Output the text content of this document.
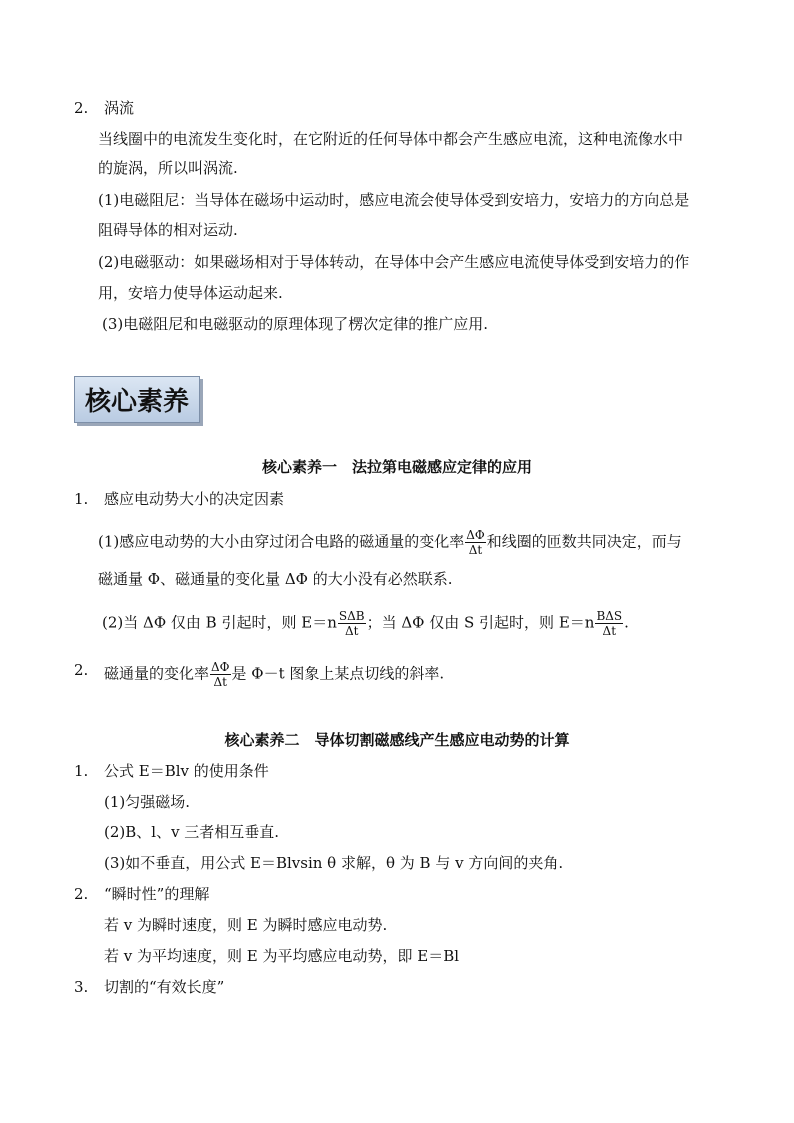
2. 涡流
当线圈中的电流发生变化时，在它附近的任何导体中都会产生感应电流，这种电流像水中
的旋涡，所以叫涡流.
(1)电磁阻尼：当导体在磁场中运动时，感应电流会使导体受到安培力，安培力的方向总是
阻碍导体的相对运动.
(2)电磁驱动：如果磁场相对于导体转动，在导体中会产生感应电流使导体受到安培力的作
用，安培力使导体运动起来.
(3)电磁阻尼和电磁驱动的原理体现了楞次定律的推广应用.
核心素养
核心素养一　法拉第电磁感应定律的应用
1. 感应电动势大小的决定因素
(1)感应电动势的大小由穿过闭合电路的磁通量的变化率 $\frac{\Delta\Phi}{\Delta t}$ 和线圈的匝数共同决定，而与
磁通量 Φ、磁通量的变化量 ΔΦ 的大小没有必然联系.
(2)当 ΔΦ 仅由 B 引起时，则 $E=n \frac{\text{SΔB}}{\Delta t}$ ；当 ΔΦ 仅由 S 引起时，则 $E=n \frac{\text{BΔS}}{\Delta t}$ .
2. 磁通量的变化率 $\frac{\Delta\Phi}{\Delta t}$ 是 Φ－t 图象上某点切线的斜率.
核心素养二　导体切割磁感线产生感应电动势的计算
1. 公式 E＝Blv 的使用条件
(1)匀强磁场.
(2)B、l、v 三者相互垂直.
(3)如不垂直，用公式 E＝Blvsin θ 求解，θ 为 B 与 v 方向间的夹角.
2. “瞬时性”的理解
若 v 为瞬时速度，则 E 为瞬时感应电动势.
若 v 为平均速度，则 E 为平均感应电动势，即 E＝Bl
3. 切割的“有效长度”
